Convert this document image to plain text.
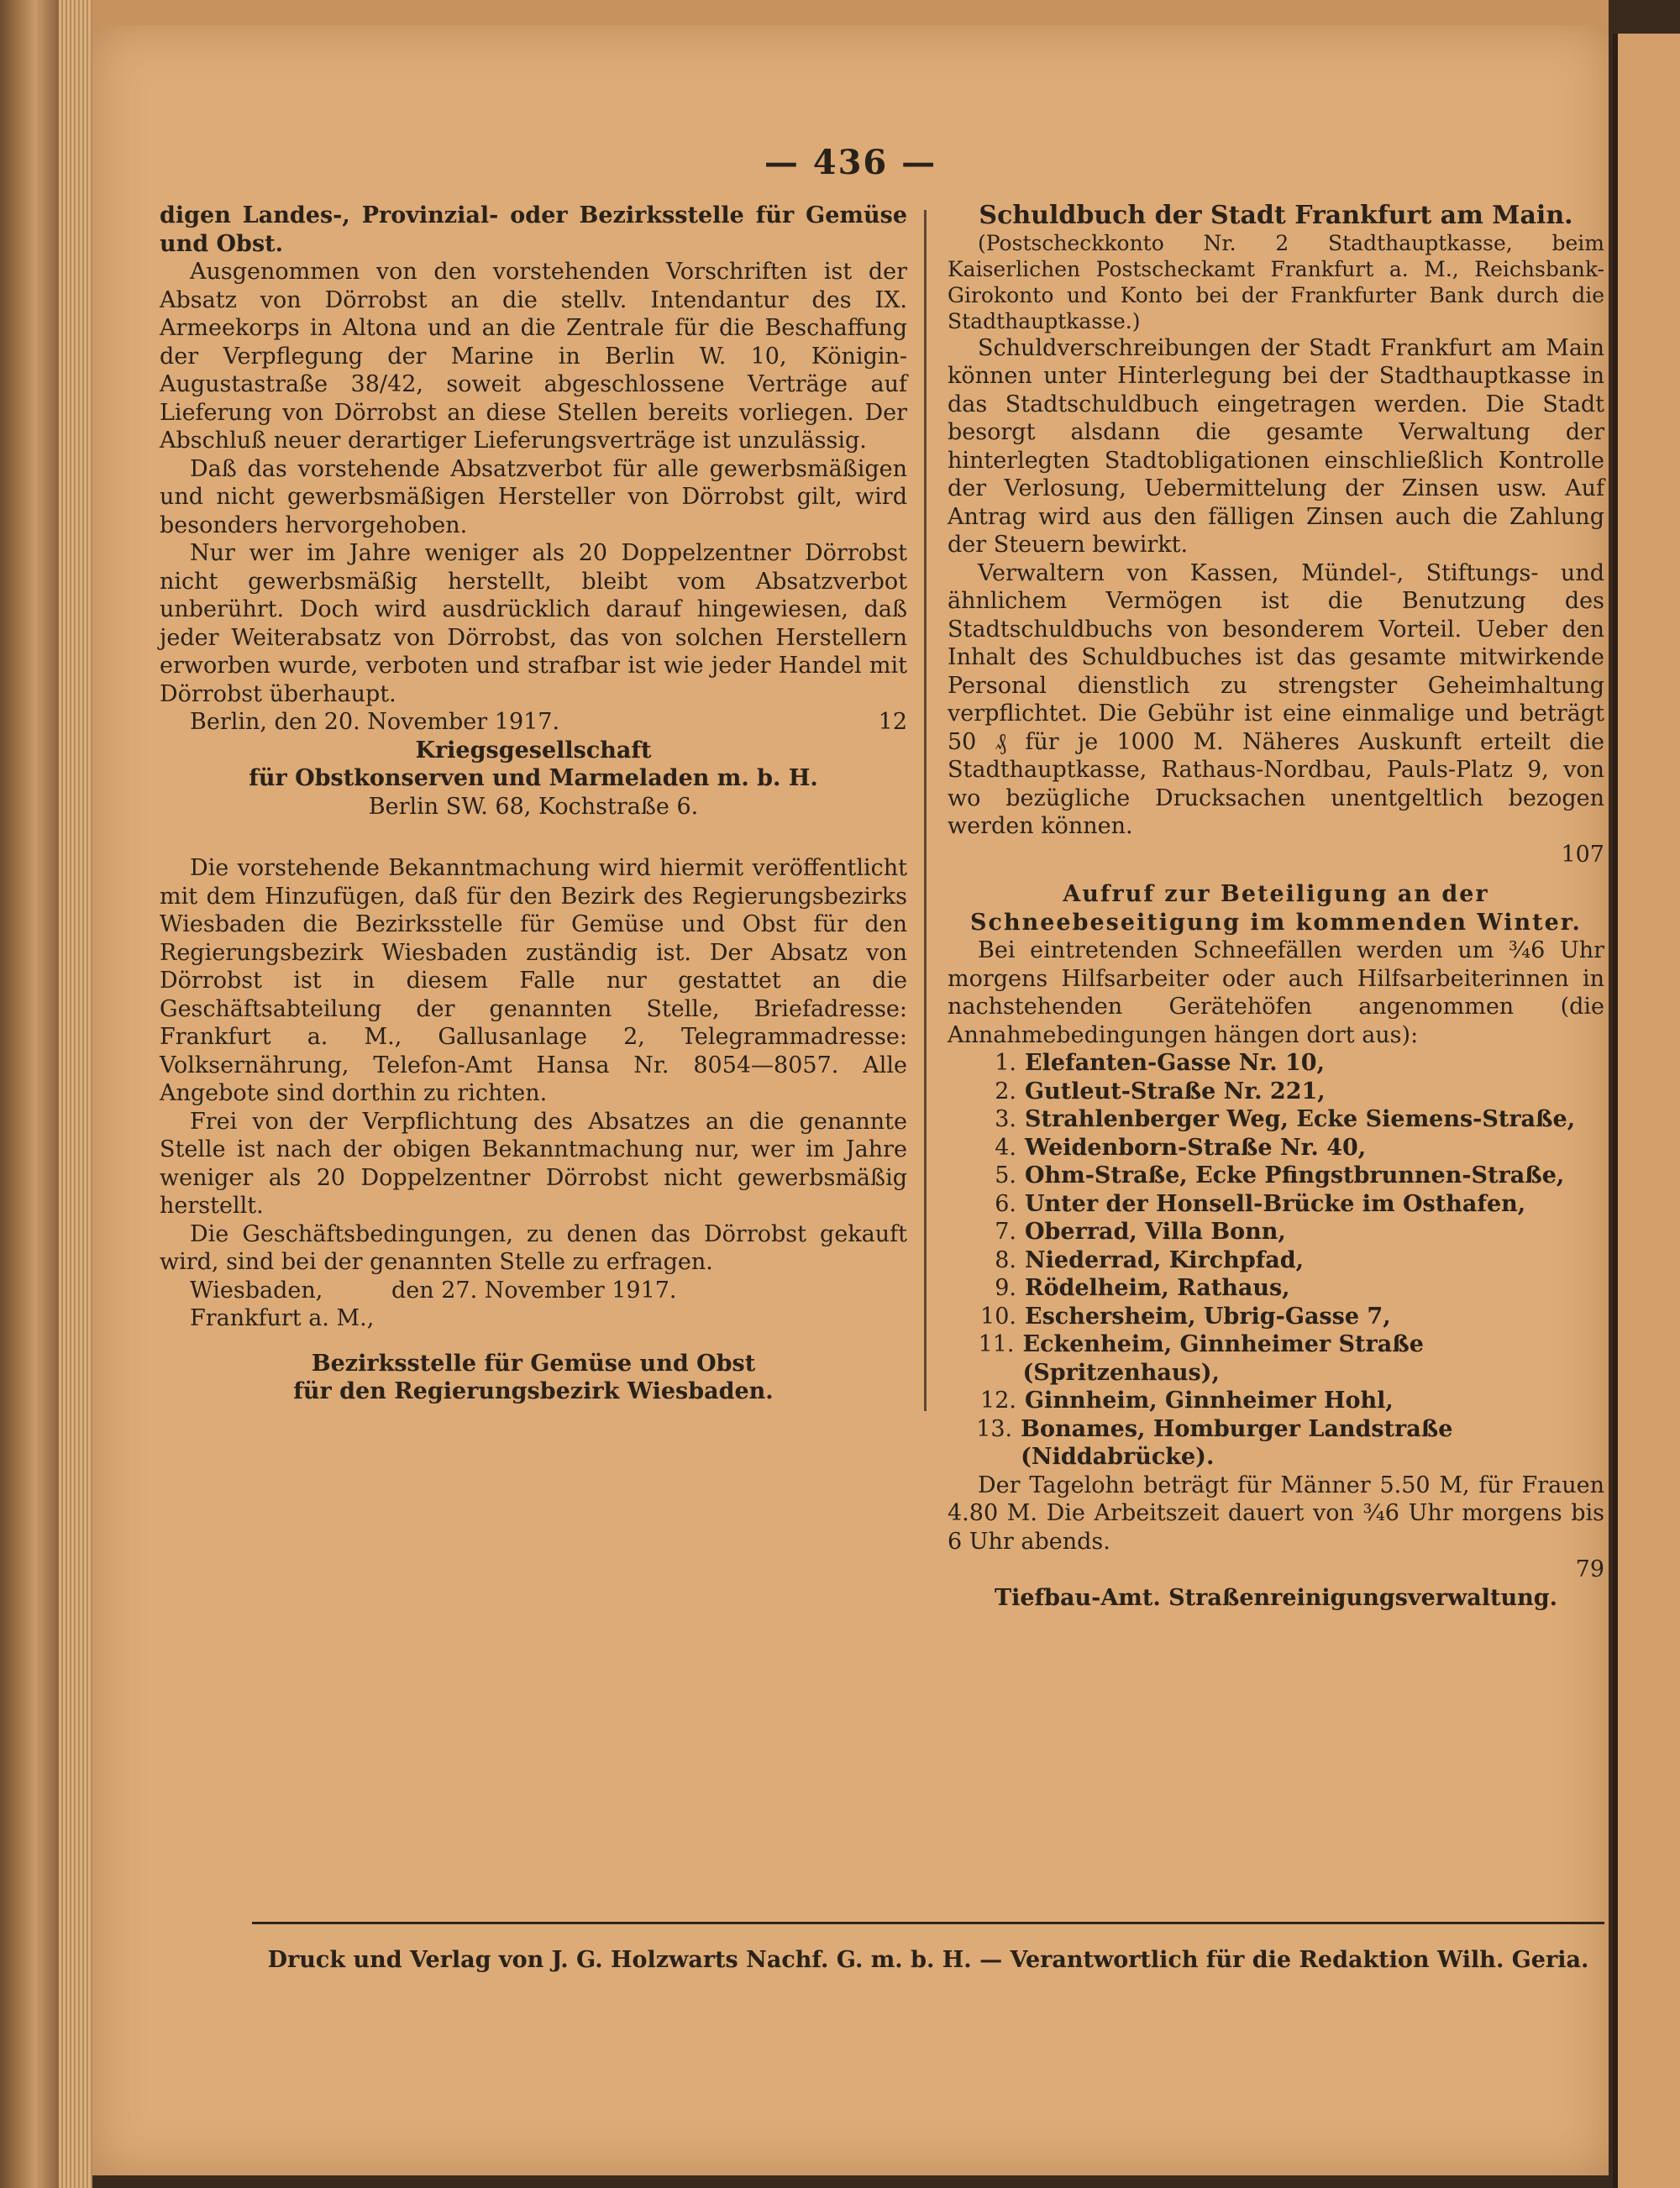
— 436 —

digen Landes-, Provinzial- oder Bezirksstelle für Gemüse und Obst.

Ausgenommen von den vorstehenden Vorschriften ist der Absatz von Dörrobst an die stellv. Intendantur des IX. Armeekorps in Altona und an die Zentrale für die Beschaffung der Verpflegung der Marine in Berlin W. 10, Königin-Augustastraße 38/42, soweit abgeschlossene Verträge auf Lieferung von Dörrobst an diese Stellen bereits vorliegen. Der Abschluß neuer derartiger Lieferungsverträge ist unzulässig.

Daß das vorstehende Absatzverbot für alle gewerbsmäßigen und nicht gewerbsmäßigen Hersteller von Dörrobst gilt, wird besonders hervorgehoben.

Nur wer im Jahre weniger als 20 Doppelzentner Dörrobst nicht gewerbsmäßig herstellt, bleibt vom Absatzverbot unberührt. Doch wird ausdrücklich darauf hingewiesen, daß jeder Weiterabsatz von Dörrobst, das von solchen Herstellern erworben wurde, verboten und strafbar ist wie jeder Handel mit Dörrobst überhaupt.

Berlin, den 20. November 1917.	12

Kriegsgesellschaft

für Obstkonserven und Marmeladen m. b. H.

Berlin SW. 68, Kochstraße 6.

Die vorstehende Bekanntmachung wird hiermit veröffentlicht mit dem Hinzufügen, daß für den Bezirk des Regierungsbezirks Wiesbaden die Bezirksstelle für Gemüse und Obst für den Regierungsbezirk Wiesbaden zuständig ist. Der Absatz von Dörrobst ist in diesem Falle nur gestattet an die Geschäftsabteilung der genannten Stelle, Briefadresse: Frankfurt a. M., Gallusanlage 2, Telegrammadresse: Volksernährung, Telefon-Amt Hansa Nr. 8054—8057. Alle Angebote sind dorthin zu richten.

Frei von der Verpflichtung des Absatzes an die genannte Stelle ist nach der obigen Bekanntmachung nur, wer im Jahre weniger als 20 Doppelzentner Dörrobst nicht gewerbsmäßig herstellt.

Die Geschäftsbedingungen, zu denen das Dörrobst gekauft wird, sind bei der genannten Stelle zu erfragen.

Wiesbaden,	den 27. November 1917.

Frankfurt a. M.,

Bezirksstelle für Gemüse und Obst

für den Regierungsbezirk Wiesbaden.

Schuldbuch der Stadt Frankfurt am Main.

(Postscheckkonto Nr. 2 Stadthauptkasse, beim Kaiserlichen Postscheckamt Frankfurt a. M., Reichsbank-Girokonto und Konto bei der Frankfurter Bank durch die Stadthauptkasse.)

Schuldverschreibungen der Stadt Frankfurt am Main können unter Hinterlegung bei der Stadthauptkasse in das Stadtschuldbuch eingetragen werden. Die Stadt besorgt alsdann die gesamte Verwaltung der hinterlegten Stadtobligationen einschließlich Kontrolle der Verlosung, Uebermittelung der Zinsen usw. Auf Antrag wird aus den fälligen Zinsen auch die Zahlung der Steuern bewirkt.

Verwaltern von Kassen, Mündel-, Stiftungs- und ähnlichem Vermögen ist die Benutzung des Stadtschuldbuchs von besonderem Vorteil. Ueber den Inhalt des Schuldbuches ist das gesamte mitwirkende Personal dienstlich zu strengster Geheimhaltung verpflichtet. Die Gebühr ist eine einmalige und beträgt 50 ₰ für je 1000 M. Näheres Auskunft erteilt die Stadthauptkasse, Rathaus-Nordbau, Pauls-Platz 9, von wo bezügliche Drucksachen unentgeltlich bezogen werden können.

107

Aufruf zur Beteiligung an der Schneebeseitigung im kommenden Winter.

Bei eintretenden Schneefällen werden um ¾6 Uhr morgens Hilfsarbeiter oder auch Hilfsarbeiterinnen in nachstehenden Gerätehöfen angenommen (die Annahmebedingungen hängen dort aus):

1. Elefanten-Gasse Nr. 10,
2. Gutleut-Straße Nr. 221,
3. Strahlenberger Weg, Ecke Siemens-Straße,
4. Weidenborn-Straße Nr. 40,
5. Ohm-Straße, Ecke Pfingstbrunnen-Straße,
6. Unter der Honsell-Brücke im Osthafen,
7. Oberrad, Villa Bonn,
8. Niederrad, Kirchpfad,
9. Rödelheim, Rathaus,
10. Eschersheim, Ubrig-Gasse 7,
11. Eckenheim, Ginnheimer Straße (Spritzenhaus),
12. Ginnheim, Ginnheimer Hohl,
13. Bonames, Homburger Landstraße (Niddabrücke).

Der Tagelohn beträgt für Männer 5.50 M, für Frauen 4.80 M. Die Arbeitszeit dauert von ¾6 Uhr morgens bis 6 Uhr abends.

79

Tiefbau-Amt. Straßenreinigungsverwaltung.

Druck und Verlag von J. G. Holzwarts Nachf. G. m. b. H. — Verantwortlich für die Redaktion Wilh. Geria.
